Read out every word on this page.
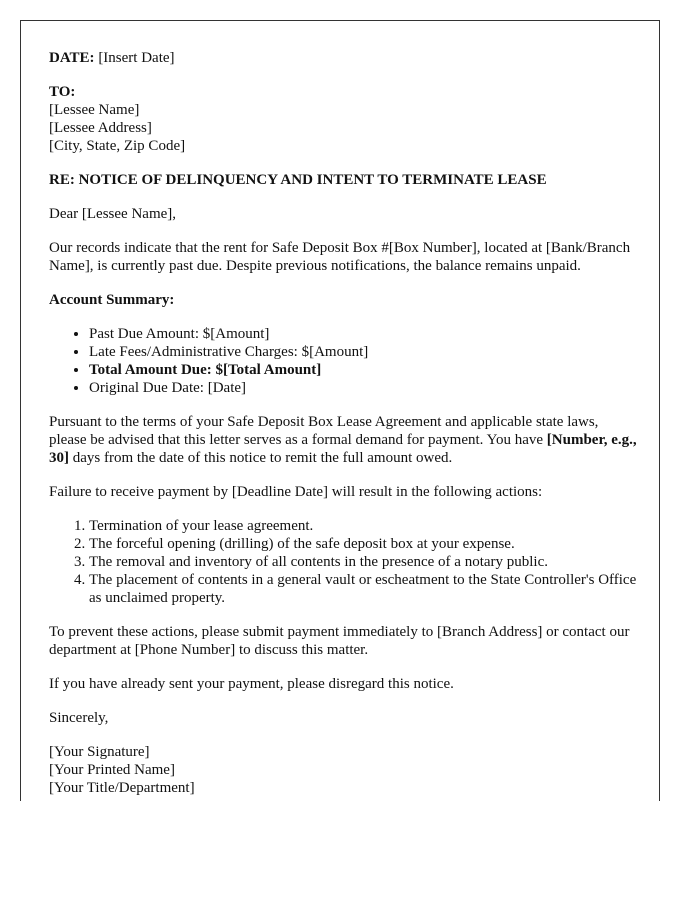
DATE: [Insert Date]

TO:
[Lessee Name]
[Lessee Address]
[City, State, Zip Code]
RE: NOTICE OF DELINQUENCY AND INTENT TO TERMINATE LEASE

Dear [Lessee Name],

Our records indicate that the rent for Safe Deposit Box #[Box Number], located at [Bank/Branch Name], is currently past due. Despite previous notifications, the balance remains unpaid.

Account Summary:

• Past Due Amount: $[Amount]
• Late Fees/Administrative Charges: $[Amount]
• Total Amount Due: $[Total Amount]
• Original Due Date: [Date]

Pursuant to the terms of your Safe Deposit Box Lease Agreement and applicable state laws, please be advised that this letter serves as a formal demand for payment. You have [Number, e.g., 30] days from the date of this notice to remit the full amount owed.

Failure to receive payment by [Deadline Date] will result in the following actions:

1. Termination of your lease agreement.
2. The forceful opening (drilling) of the safe deposit box at your expense.
3. The removal and inventory of all contents in the presence of a notary public.
4. The placement of contents in a general vault or escheatment to the State Controller's Office as unclaimed property.

To prevent these actions, please submit payment immediately to [Branch Address] or contact our department at [Phone Number] to discuss this matter.

If you have already sent your payment, please disregard this notice.

Sincerely,

[Your Signature]
[Your Printed Name]
[Your Title/Department]
